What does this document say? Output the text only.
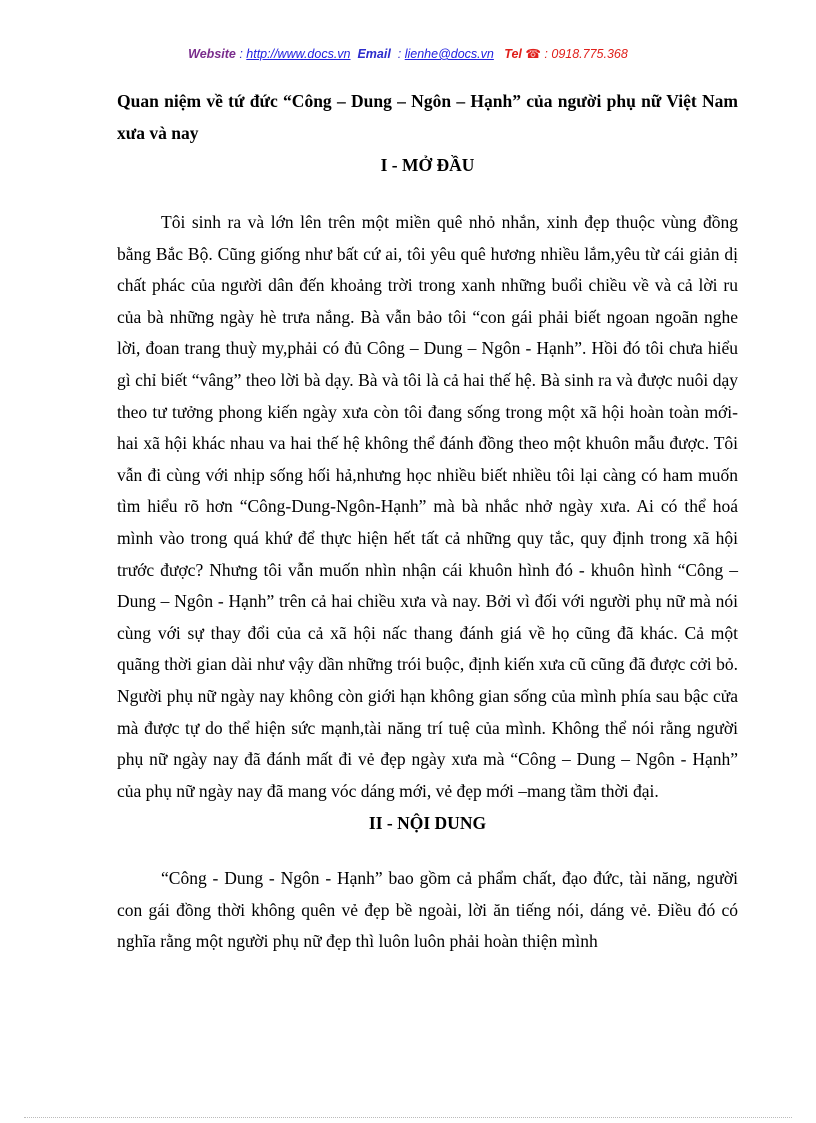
Website : http://www.docs.vn Email  : lienhe@docs.vn Tel ☎ : 0918.775.368

Quan niệm về tứ đức “Công – Dung – Ngôn – Hạnh” của người phụ nữ Việt Nam xưa và nay

I - MỞ ĐẦU

Tôi sinh ra và lớn lên trên một miền quê nhỏ nhắn, xinh đẹp thuộc vùng đồng bằng Bắc Bộ. Cũng giống như bất cứ ai, tôi yêu quê hương nhiều lắm,yêu từ cái giản dị chất phác của người dân đến khoảng trời trong xanh những buổi chiều về và cả lời ru của bà những ngày hè trưa nắng. Bà vẫn bảo tôi “con gái phải biết ngoan ngoãn nghe lời, đoan trang thuỳ my,phải có đủ Công – Dung – Ngôn - Hạnh”. Hồi đó tôi chưa hiểu gì chỉ biết “vâng” theo lời bà dạy. Bà và tôi là cả hai thế hệ. Bà sinh ra và được nuôi dạy theo tư tưởng phong kiến ngày xưa còn tôi đang sống trong một xã hội hoàn toàn mới-hai xã hội khác nhau va hai thế hệ không thể đánh đồng theo một khuôn mẫu được. Tôi vẫn đi cùng với nhịp sống hối hả,nhưng học nhiều biết nhiều tôi lại càng có ham muốn tìm hiểu rõ hơn “Công-Dung-Ngôn-Hạnh” mà bà nhắc nhở ngày xưa. Ai có thể hoá mình vào trong quá khứ để thực hiện hết tất cả những quy tắc, quy định trong xã hội trước được? Nhưng tôi vẫn muốn nhìn nhận cái khuôn hình đó - khuôn hình “Công – Dung – Ngôn - Hạnh” trên cả hai chiều xưa và nay. Bởi vì đối với người phụ nữ mà nói cùng với sự thay đổi của cả xã hội nấc thang đánh giá về họ cũng đã khác. Cả một quãng thời gian dài như vậy dần những trói buộc, định kiến xưa cũ cũng đã được cởi bỏ. Người phụ nữ ngày nay không còn giới hạn không gian sống của mình phía sau bậc cửa mà được tự do thể hiện sức mạnh,tài năng trí tuệ của mình. Không thể nói rằng người phụ nữ ngày nay đã đánh mất đi vẻ đẹp ngày xưa mà “Công – Dung – Ngôn - Hạnh” của phụ nữ ngày nay đã mang vóc dáng mới, vẻ đẹp mới –mang tầm thời đại.

II - NỘI DUNG

“Công - Dung - Ngôn - Hạnh” bao gồm cả phẩm chất, đạo đức, tài năng, người con gái đồng thời không quên vẻ đẹp bề ngoài, lời ăn tiếng nói, dáng vẻ. Điều đó có nghĩa rằng một người phụ nữ đẹp thì luôn luôn phải hoàn thiện mình
